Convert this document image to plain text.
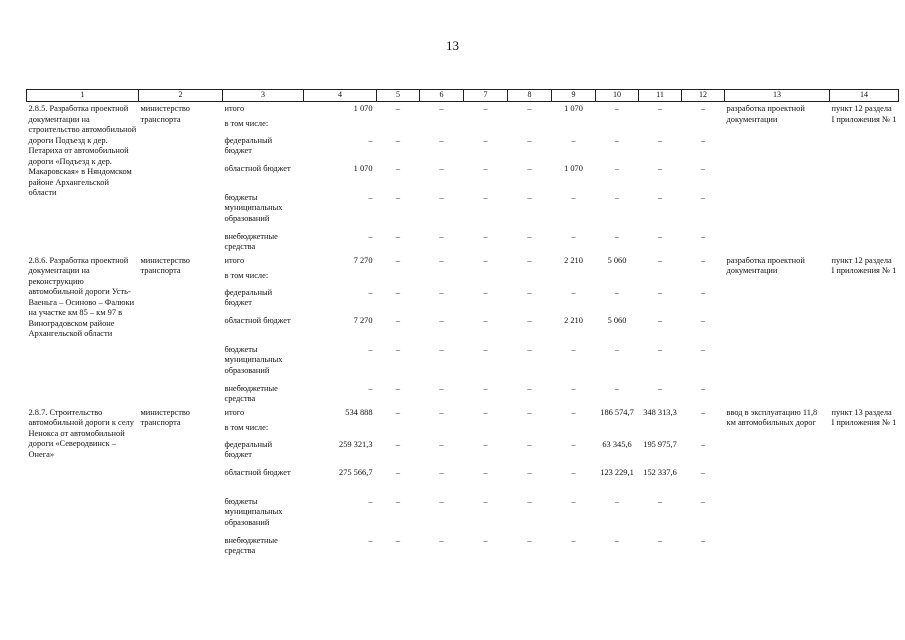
13
1	2	3	4	5	6	7	8	9	10	11	12	13	14
2.8.5. Разработка проектной документации на строительство автомобильной дороги Подъезд к дер. Петариха от автомобильной дороги «Подъезд к дер. Макаровская» в Няндомском районе Архангельской области	министерство транспорта	итого	1 070	–	–	–	–	1 070	–	–	–	разработка проектной документации	пункт 12 раздела I приложения № 1
		в том числе:											
		федеральный бюджет	–	–	–	–	–	–	–	–	–		
		областной бюджет	1 070	–	–	–	–	1 070	–	–	–		
		бюджеты муниципальных образований	–	–	–	–	–	–	–	–	–		
		внебюджетные средства	–	–	–	–	–	–	–	–	–		
2.8.6. Разработка проектной документации на реконструкцию автомобильной дороги Усть-Ваеньга – Осиново – Фалюки на участке км 85 – км 97 в Виноградовском районе Архангельской области	министерство транспорта	итого	7 270	–	–	–	–	2 210	5 060	–	–	разработка проектной документации	пункт 12 раздела I приложения № 1
		в том числе:											
		федеральный бюджет	–	–	–	–	–	–	–	–	–		
		областной бюджет	7 270	–	–	–	–	2 210	5 060	–	–		
		бюджеты муниципальных образований	–	–	–	–	–	–	–	–	–		
		внебюджетные средства	–	–	–	–	–	–	–	–	–		
2.8.7. Строительство автомобильной дороги к селу Ненокса от автомобильной дороги «Северодвинск – Онега»	министерство транспорта	итого	534 888	–	–	–	–	–	186 574,7	348 313,3	–	ввод в эксплуатацию 11,8 км автомобильных дорог	пункт 13 раздела I приложения № 1
		в том числе:											
		федеральный бюджет	259 321,3	–	–	–	–	–	63 345,6	195 975,7	–		
		областной бюджет	275 566,7	–	–	–	–	–	123 229,1	152 337,6	–		
		бюджеты муниципальных образований	–	–	–	–	–	–	–	–	–		
		внебюджетные средства	–	–	–	–	–	–	–	–	–		
